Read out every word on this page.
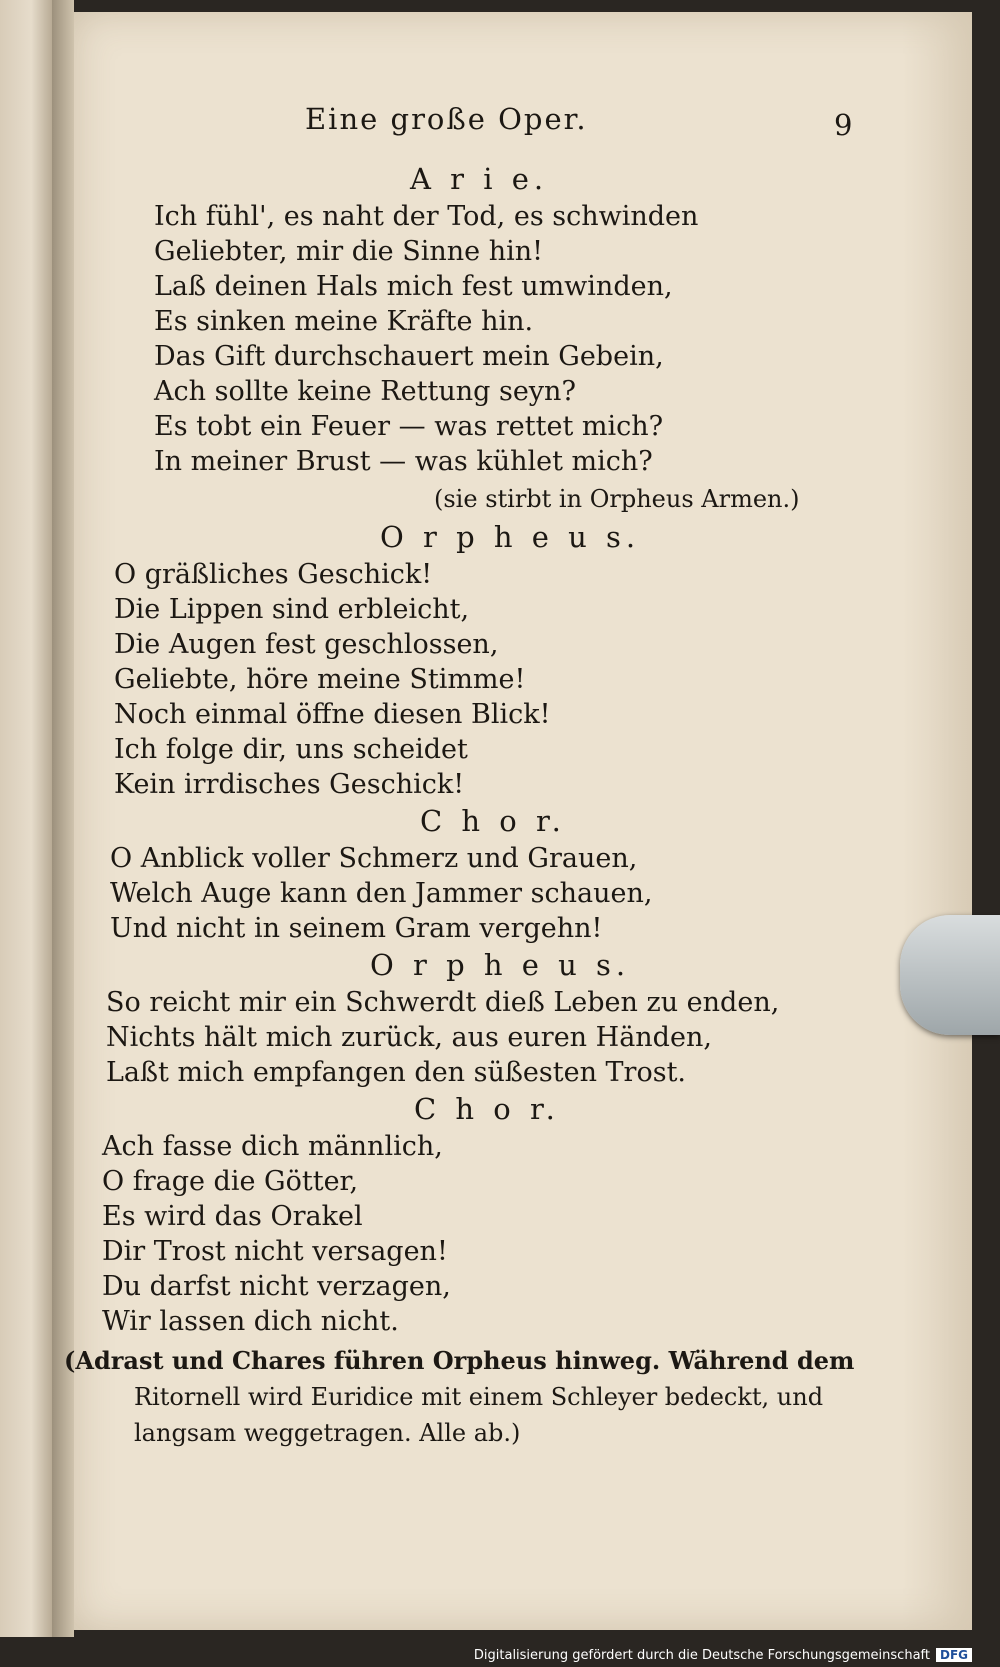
Eine große Oper.	9
A r i e.
Ich fühl', es naht der Tod, es schwinden
Geliebter, mir die Sinne hin!
Laß deinen Hals mich fest umwinden,
Es sinken meine Kräfte hin.
Das Gift durchschauert mein Gebein,
Ach sollte keine Rettung seyn?
Es tobt ein Feuer — was rettet mich?
In meiner Brust — was kühlet mich?
(sie stirbt in Orpheus Armen.)
O r p h e u s.
O gräßliches Geschick!
Die Lippen sind erbleicht,
Die Augen fest geschlossen,
Geliebte, höre meine Stimme!
Noch einmal öffne diesen Blick!
Ich folge dir, uns scheidet
Kein irrdisches Geschick!
C h o r.
O Anblick voller Schmerz und Grauen,
Welch Auge kann den Jammer schauen,
Und nicht in seinem Gram vergehn!
O r p h e u s.
So reicht mir ein Schwerdt dieß Leben zu enden,
Nichts hält mich zurück, aus euren Händen,
Laßt mich empfangen den süßesten Trost.
C h o r.
Ach fasse dich männlich,
O frage die Götter,
Es wird das Orakel
Dir Trost nicht versagen!
Du darfst nicht verzagen,
Wir lassen dich nicht.
(Adrast und Chares führen Orpheus hinweg. Während dem
Ritornell wird Euridice mit einem Schleyer bedeckt, und
langsam weggetragen. Alle ab.)
Digitalisierung gefördert durch die Deutsche Forschungsgemeinschaft DFG
